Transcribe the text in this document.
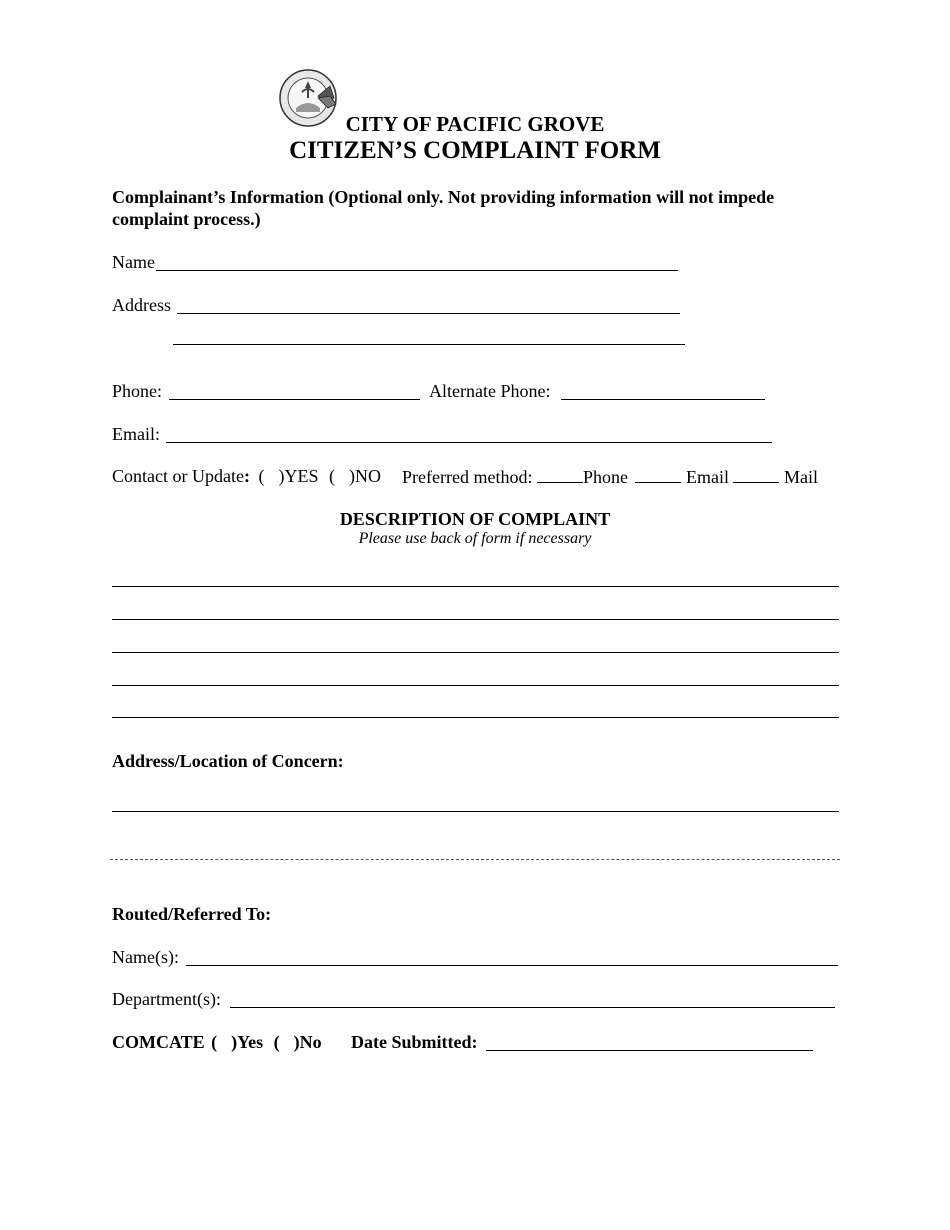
CITY OF PACIFIC GROVE
CITIZEN’S COMPLAINT FORM
Complainant’s Information (Optional only. Not providing information will not impede
complaint process.)
Name
Address
Phone:	Alternate Phone:
Email:
Contact or Update: ( )YES ( )NO Preferred method:	Phone	Email	Mail
DESCRIPTION OF COMPLAINT
Please use back of form if necessary
Address/Location of Concern:
Routed/Referred To:
Name(s):
Department(s):
COMCATE ( )Yes ( )No Date Submitted:
